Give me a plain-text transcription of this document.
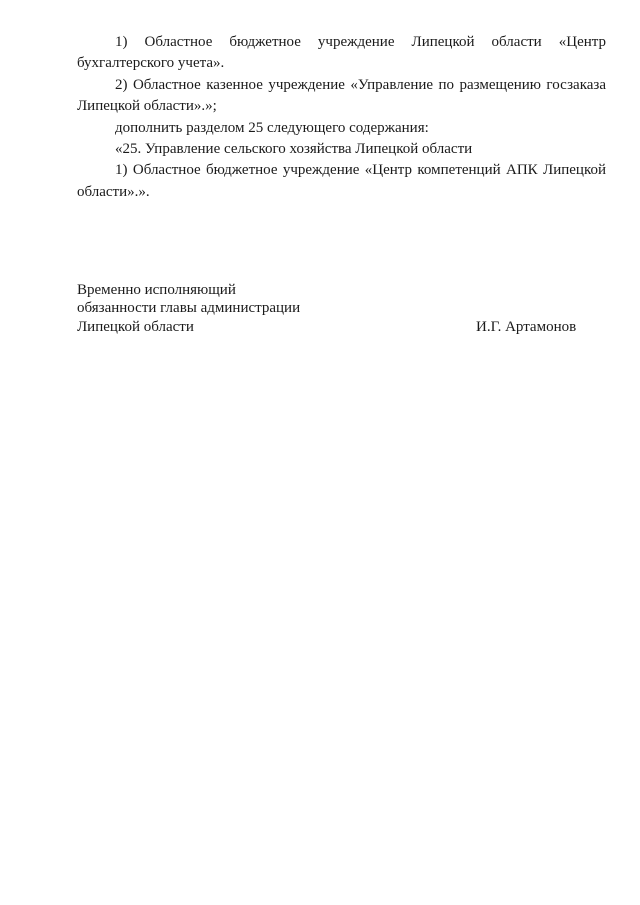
1) Областное бюджетное учреждение Липецкой области «Центр бухгалтерского учета».

2) Областное казенное учреждение «Управление по размещению госзаказа Липецкой области».»;

дополнить разделом 25 следующего содержания:

«25. Управление сельского хозяйства Липецкой области

1) Областное бюджетное учреждение «Центр компетенций АПК Липецкой области».».

Временно исполняющий
обязанности главы администрации
Липецкой области	И.Г. Артамонов
